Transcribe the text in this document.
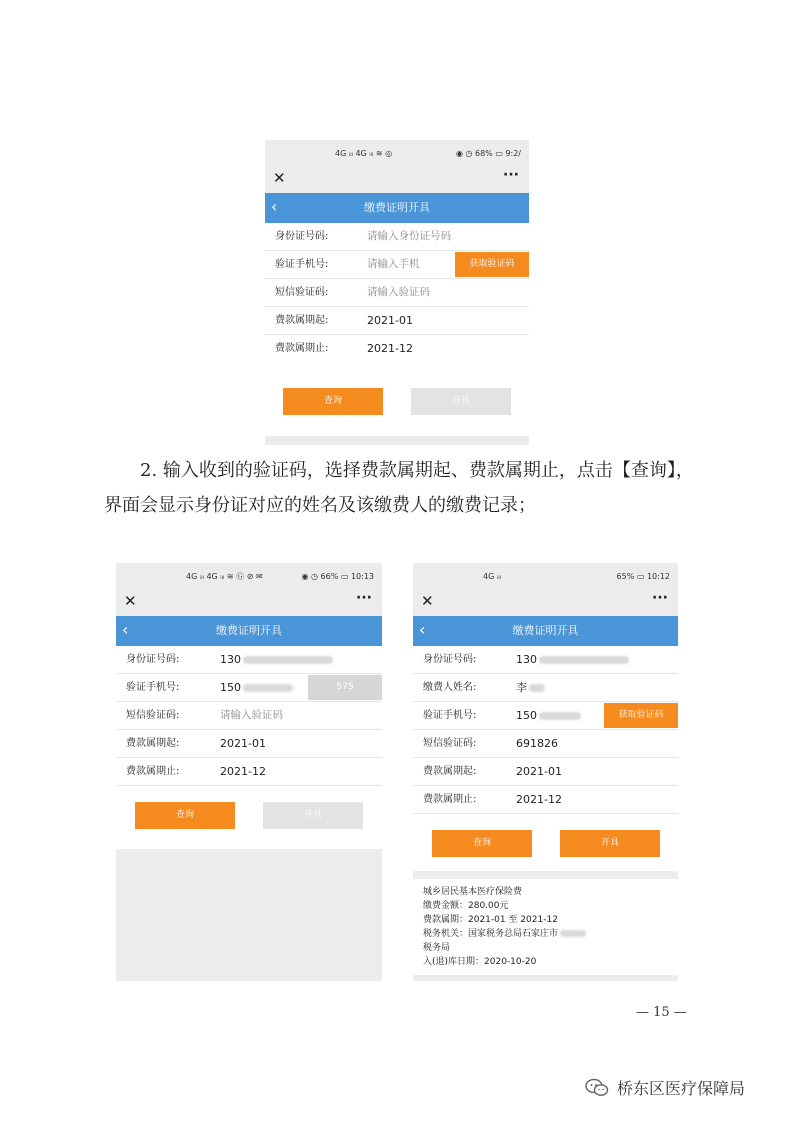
4G ᵢₗₗ 4G ᵢₗₗ ≋ ◎	◉ ◷ 68% ▭ 9:2/
✕	···
‹	缴费证明开具
身份证号码:	请输入身份证号码
验证手机号:	请输入手机	获取验证码
短信验证码:	请输入验证码
费款属期起:	2021-01
费款属期止:	2021-12
查询	开具
2. 输入收到的验证码，选择费款属期起、费款属期止，点击【查询】，界面会显示身份证对应的姓名及该缴费人的缴费记录；
4G ᵢₗₗ 4G ᵢₗₗ ≋ Ⓖ ⊘ ✉	◉ ◷ 66% ▭ 10:13
✕	···
‹	缴费证明开具
身份证号码:	130
验证手机号:	150	57S
短信验证码:	请输入验证码
费款属期起:	2021-01
费款属期止:	2021-12
查询	开具
4G ᵢₗₗ	65% ▭ 10:12
✕	···
‹	缴费证明开具
身份证号码:	130
缴费人姓名:	李
验证手机号:	150	获取验证码
短信验证码:	691826
费款属期起:	2021-01
费款属期止:	2021-12
查询	开具
城乡居民基本医疗保险费
缴费金额：280.00元
费款属期：2021-01 至 2021-12
税务机关：国家税务总局石家庄市
税务局
入(退)库日期：2020-10-20
— 15 —
桥东区医疗保障局
